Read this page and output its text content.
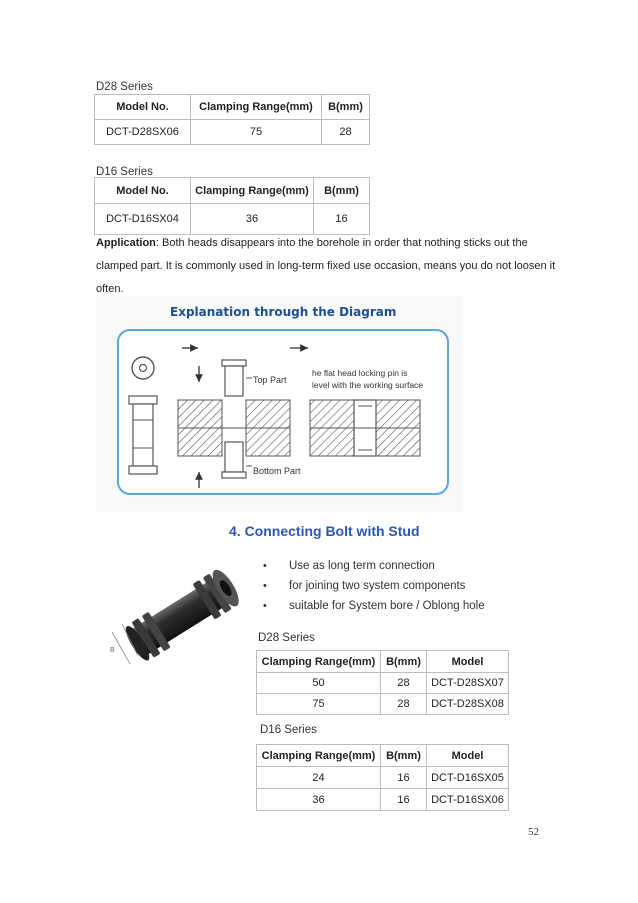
D28 Series
Model No.	Clamping Range(mm)	B(mm)
DCT-D28SX06	75	28
D16 Series
Model No.	Clamping Range(mm)	B(mm)
DCT-D16SX04	36	16
Application: Both heads disappears into the borehole in order that nothing sticks out the
clamped part. It is commonly used in long-term fixed use occasion, means you do not loosen it
often.
Top Part
Bottom Part
he flat head locking pin is
level with the working surface
Explanation through the Diagram
4. Connecting Bolt with Stud
B
• Use as long term connection
• for joining two system components
• suitable for System bore / Oblong hole
D28 Series
Clamping Range(mm)	B(mm)	Model
50	28	DCT-D28SX07
75	28	DCT-D28SX08
D16 Series
Clamping Range(mm)	B(mm)	Model
24	16	DCT-D16SX05
36	16	DCT-D16SX06
52
